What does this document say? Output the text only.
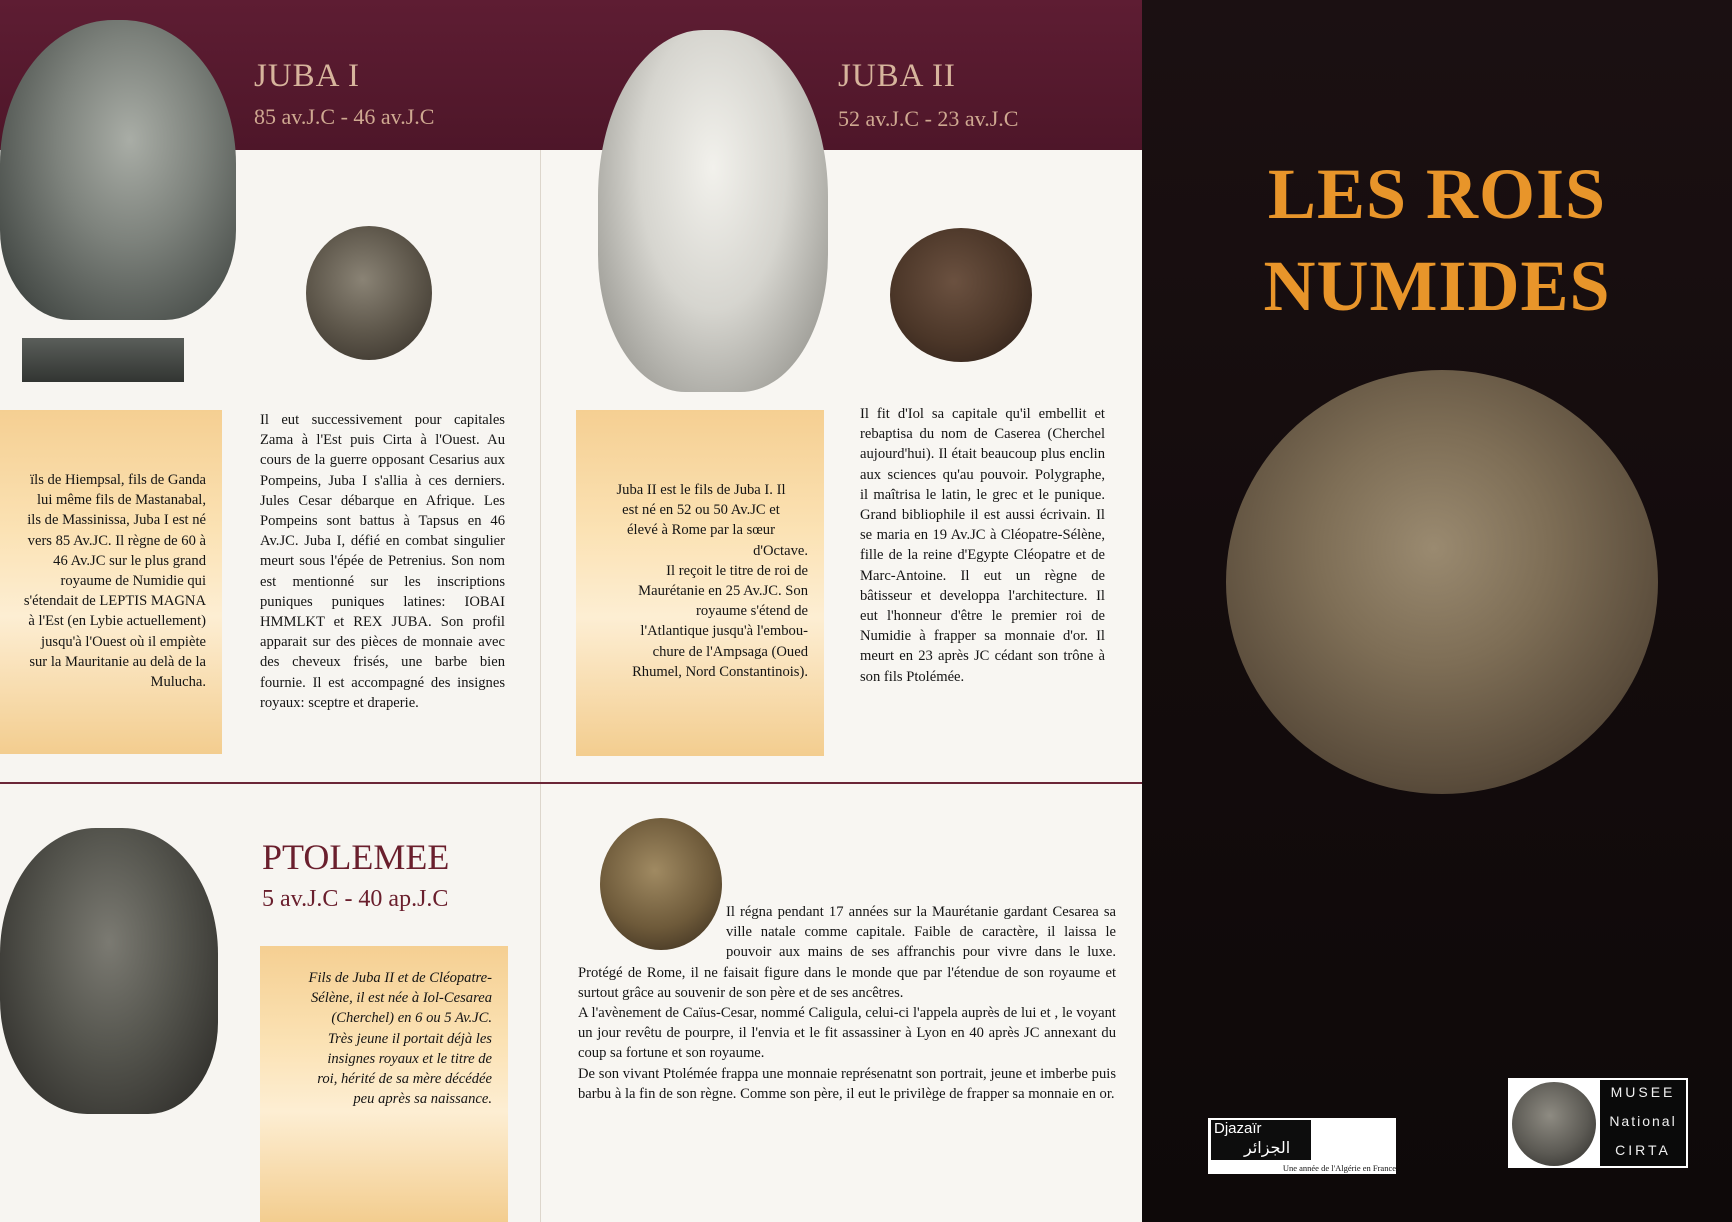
JUBA I
85 av.J.C - 46 av.J.C

ïls de Hiempsal, fils de Ganda

lui même fils de Mastanabal,

ils de Massinissa, Juba I est né

vers 85 Av.JC. Il règne de 60 à

46 Av.JC sur le plus grand

royaume de Numidie qui

s'étendait de LEPTIS MAGNA

à l'Est (en Lybie actuellement)

jusqu'à l'Ouest où il empiète

sur la Mauritanie au delà de la

Mulucha.

Il eut successivement pour capitales Zama à l'Est puis Cirta à l'Ouest. Au cours de la guerre opposant Cesarius aux Pompeins, Juba I s'allia à ces derniers. Jules Cesar débarque en Afrique. Les Pompeins sont battus à Tapsus en 46 Av.JC. Juba I, défié en combat singulier meurt sous l'épée de Petrenius. Son nom est mentionné sur les inscriptions puniques puniques latines: IOBAI HMMLKT et REX JUBA. Son profil apparait sur des pièces de monnaie avec des cheveux frisés, une barbe bien fournie. Il est accompagné des insignes royaux: sceptre et draperie.

JUBA II
52 av.J.C - 23 av.J.C

Juba II est le fils de Juba I. Il

est né en 52 ou 50 Av.JC et

élevé à Rome par la sœur

d'Octave.

Il reçoit le titre de roi de

Maurétanie en 25 Av.JC. Son

royaume s'étend de

l'Atlantique jusqu'à l'embou-

chure de l'Ampsaga (Oued

Rhumel, Nord Constantinois).

Il fit d'Iol sa capitale qu'il embellit et rebaptisa du nom de Caserea (Cherchel aujourd'hui). Il était beaucoup plus enclin aux sciences qu'au pouvoir. Polygraphe, il maîtrisa le latin, le grec et le punique. Grand bibliophile il est aussi écrivain. Il se maria en 19 Av.JC à Cléopatre-Sélène, fille de la reine d'Egypte Cléopatre et de Marc-Antoine. Il eut un règne de bâtisseur et developpa l'architecture. Il eut l'honneur d'être le premier roi de Numidie à frapper sa monnaie d'or. Il meurt en 23 après JC cédant son trône à son fils Ptolémée.

PTOLEMEE
5 av.J.C - 40 ap.J.C

Fils de Juba II et de Cléopatre-

Sélène, il est née à Iol-Cesarea

(Cherchel) en 6 ou 5 Av.JC.

Très jeune il portait déjà les

insignes royaux et le titre de

roi, hérité de sa mère décédée

peu après sa naissance.

Il régna pendant 17 années sur la Maurétanie gardant Cesarea sa ville natale comme capitale. Faible de caractère, il laissa le pouvoir aux mains de ses affranchis pour vivre dans le luxe. Protégé de Rome, il ne faisait figure dans le monde que par l'étendue de son royaume et surtout grâce au souvenir de son père et de ses ancêtres.

A l'avènement de Caïus-Cesar, nommé Caligula, celui-ci l'appela auprès de lui et , le voyant un jour revêtu de pourpre, il l'envia et le fit assassiner à Lyon en 40 après JC annexant du coup sa fortune et son royaume.

De son vivant Ptolémée frappa une monnaie représenatnt son portrait, jeune et imberbe puis barbu à la fin de son règne. Comme son père, il eut le privilège de frapper sa monnaie en or.

LES ROIS
NUMIDES
Djazaïr
الجزائر
Une année de l'Algérie en France
MUSEE
National
CIRTA
